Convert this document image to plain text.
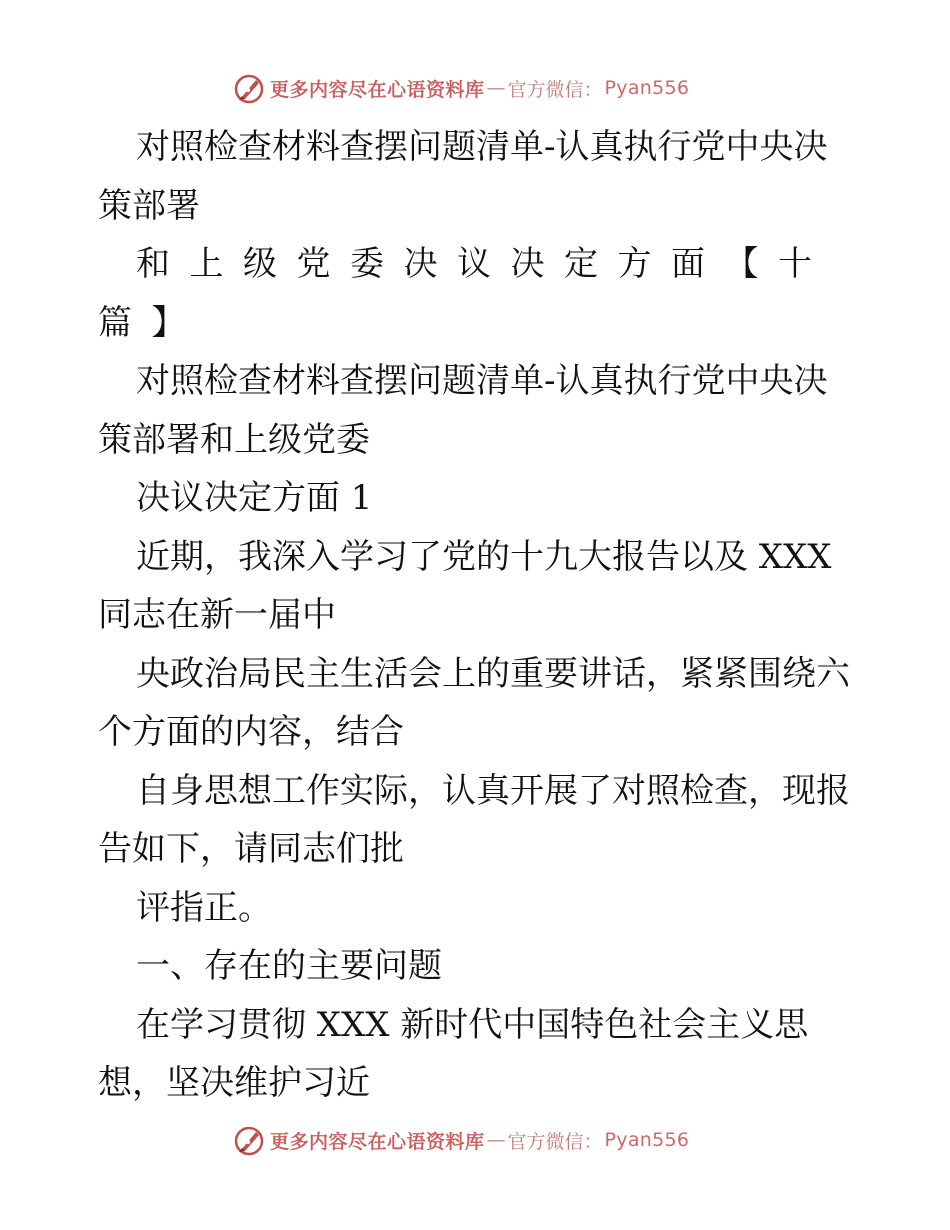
更多内容尽在心语资料库 — 官方微信： Pyan556
对照检查材料查摆问题清单-认真执行党中央决
策部署
和上级党委决议决定方面【十
篇】
对照检查材料查摆问题清单-认真执行党中央决
策部署和上级党委
决议决定方面 1
近期，我深入学习了党的十九大报告以及 XXX
同志在新一届中
央政治局民主生活会上的重要讲话，紧紧围绕六
个方面的内容，结合
自身思想工作实际，认真开展了对照检查，现报
告如下，请同志们批
评指正。
一、存在的主要问题
在学习贯彻 XXX 新时代中国特色社会主义思
想，坚决维护习近
更多内容尽在心语资料库 — 官方微信： Pyan556
